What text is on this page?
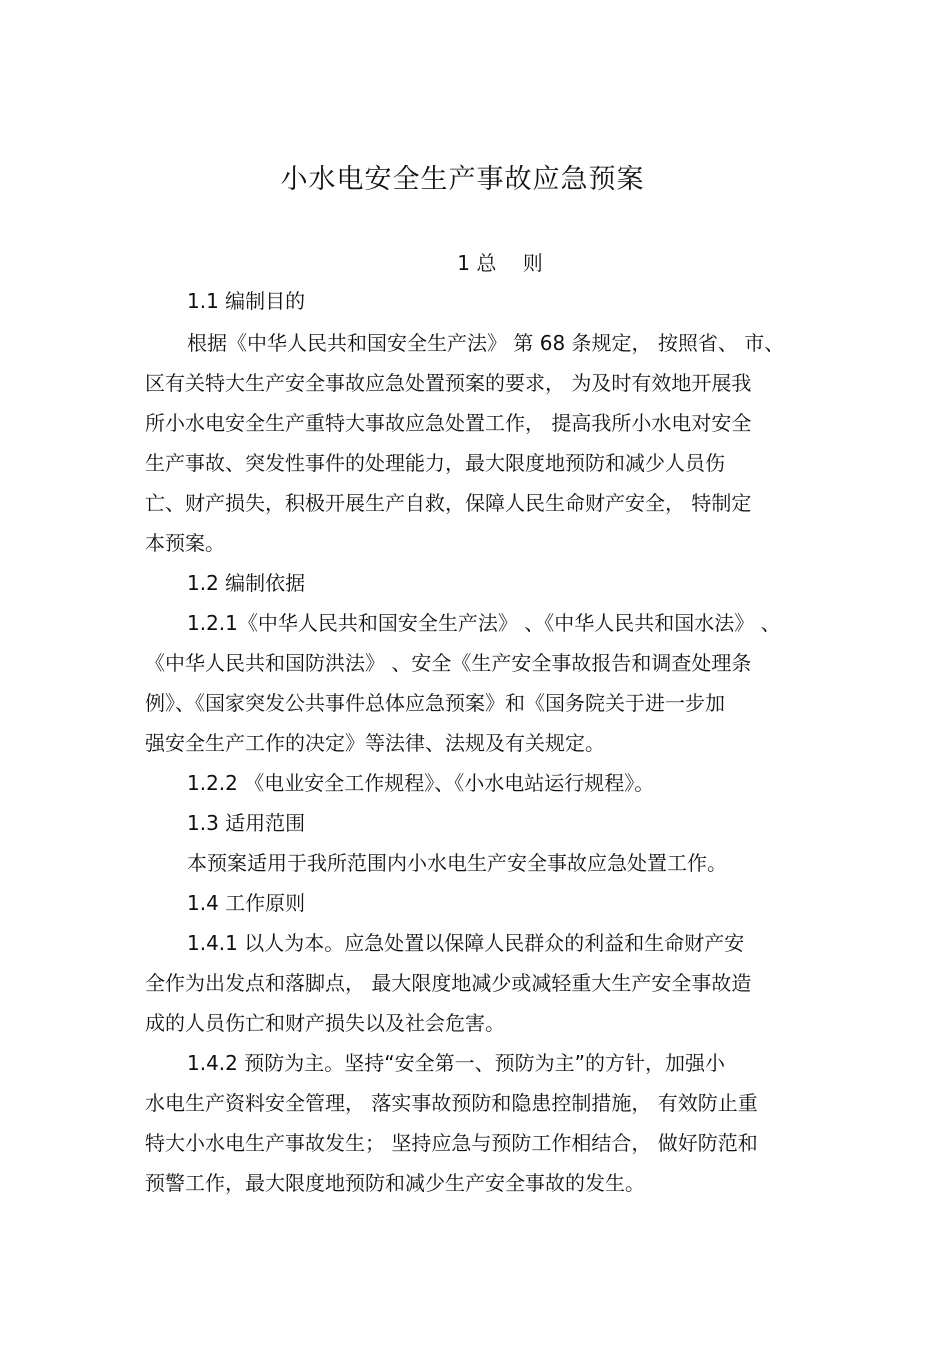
小水电安全生产事故应急预案
1 总　 则
1.1 编制目的
根据《中华人民共和国安全生产法》 第 68 条规定， 按照省、 市、
区有关特大生产安全事故应急处置预案的要求， 为及时有效地开展我
所小水电安全生产重特大事故应急处置工作， 提高我所小水电对安全
生产事故、突发性事件的处理能力，最大限度地预防和减少人员伤
亡、财产损失，积极开展生产自救，保障人民生命财产安全， 特制定
本预案。
1.2 编制依据
1.2.1《中华人民共和国安全生产法》 、《中华人民共和国水法》 、
《中华人民共和国防洪法》 、安全《生产安全事故报告和调查处理条
例》、《国家突发公共事件总体应急预案》和《国务院关于进一步加
强安全生产工作的决定》等法律、法规及有关规定。
1.2.2 《电业安全工作规程》、《小水电站运行规程》。
1.3 适用范围
本预案适用于我所范围内小水电生产安全事故应急处置工作。
1.4 工作原则
1.4.1 以人为本。应急处置以保障人民群众的利益和生命财产安
全作为出发点和落脚点， 最大限度地减少或减轻重大生产安全事故造
成的人员伤亡和财产损失以及社会危害。
1.4.2 预防为主。坚持“安全第一、预防为主”的方针，加强小
水电生产资料安全管理， 落实事故预防和隐患控制措施， 有效防止重
特大小水电生产事故发生； 坚持应急与预防工作相结合， 做好防范和
预警工作，最大限度地预防和减少生产安全事故的发生。
